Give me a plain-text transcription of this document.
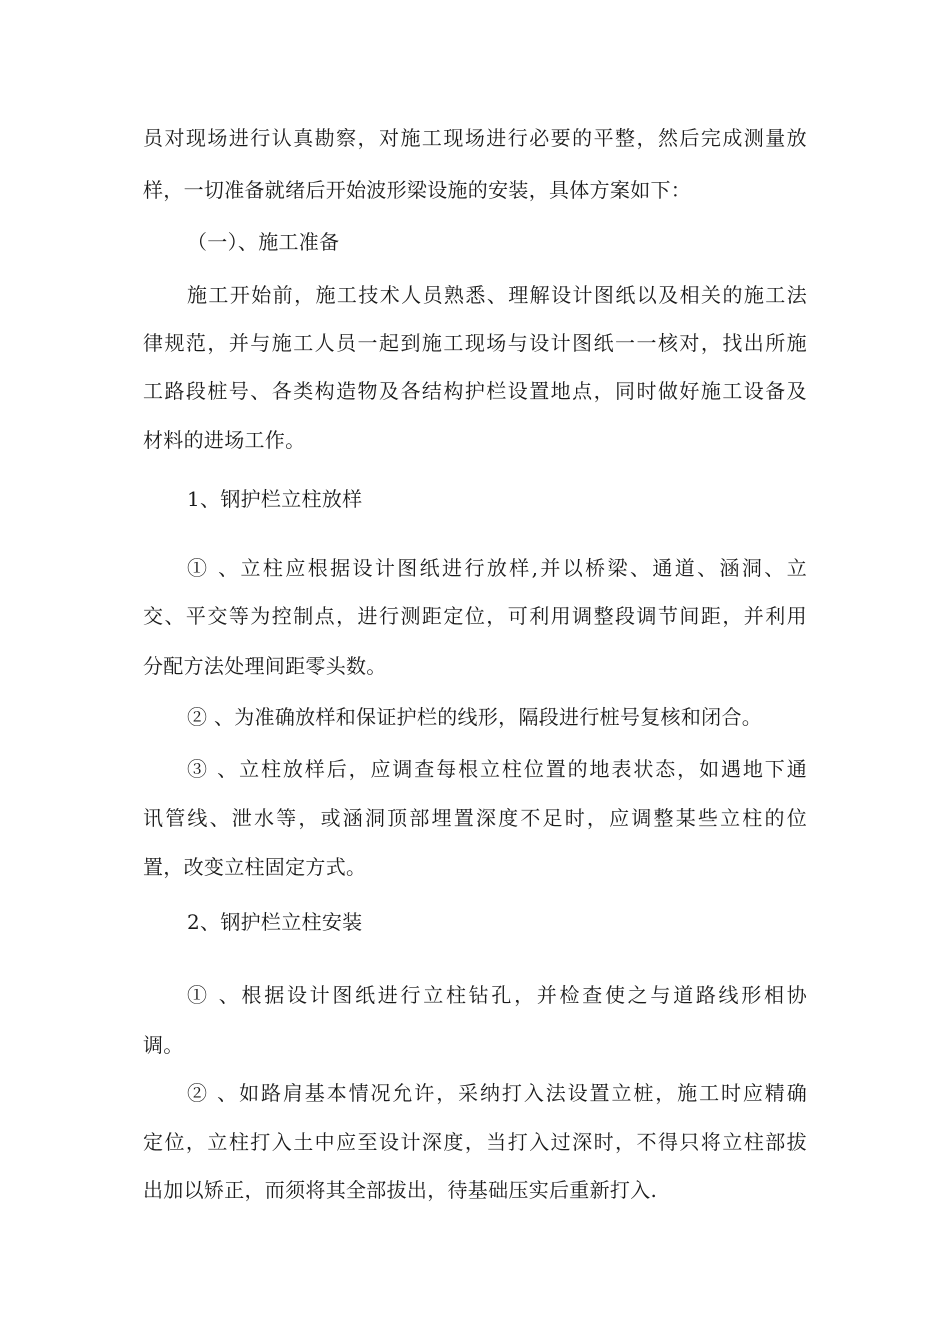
员对现场进行认真勘察，对施工现场进行必要的平整，然后完成测量放
样，一切准备就绪后开始波形梁设施的安装，具体方案如下：
（一）、施工准备
施工开始前，施工技术人员熟悉、理解设计图纸以及相关的施工法
律规范，并与施工人员一起到施工现场与设计图纸一一核对，找出所施
工路段桩号、各类构造物及各结构护栏设置地点，同时做好施工设备及
材料的进场工作。
1、钢护栏立柱放样
① 、立柱应根据设计图纸进行放样,并以桥梁、通道、涵洞、立
交、平交等为控制点，进行测距定位，可利用调整段调节间距，并利用
分配方法处理间距零头数。
② 、为准确放样和保证护栏的线形，隔段进行桩号复核和闭合。
③ 、立柱放样后，应调查每根立柱位置的地表状态，如遇地下通
讯管线、泄水等，或涵洞顶部埋置深度不足时，应调整某些立柱的位
置，改变立柱固定方式。
2、钢护栏立柱安装
① 、根据设计图纸进行立柱钻孔，并检查使之与道路线形相协
调。
② 、如路肩基本情况允许，采纳打入法设置立桩，施工时应精确
定位，立柱打入土中应至设计深度，当打入过深时，不得只将立柱部拔
出加以矫正，而须将其全部拔出，待基础压实后重新打入.
